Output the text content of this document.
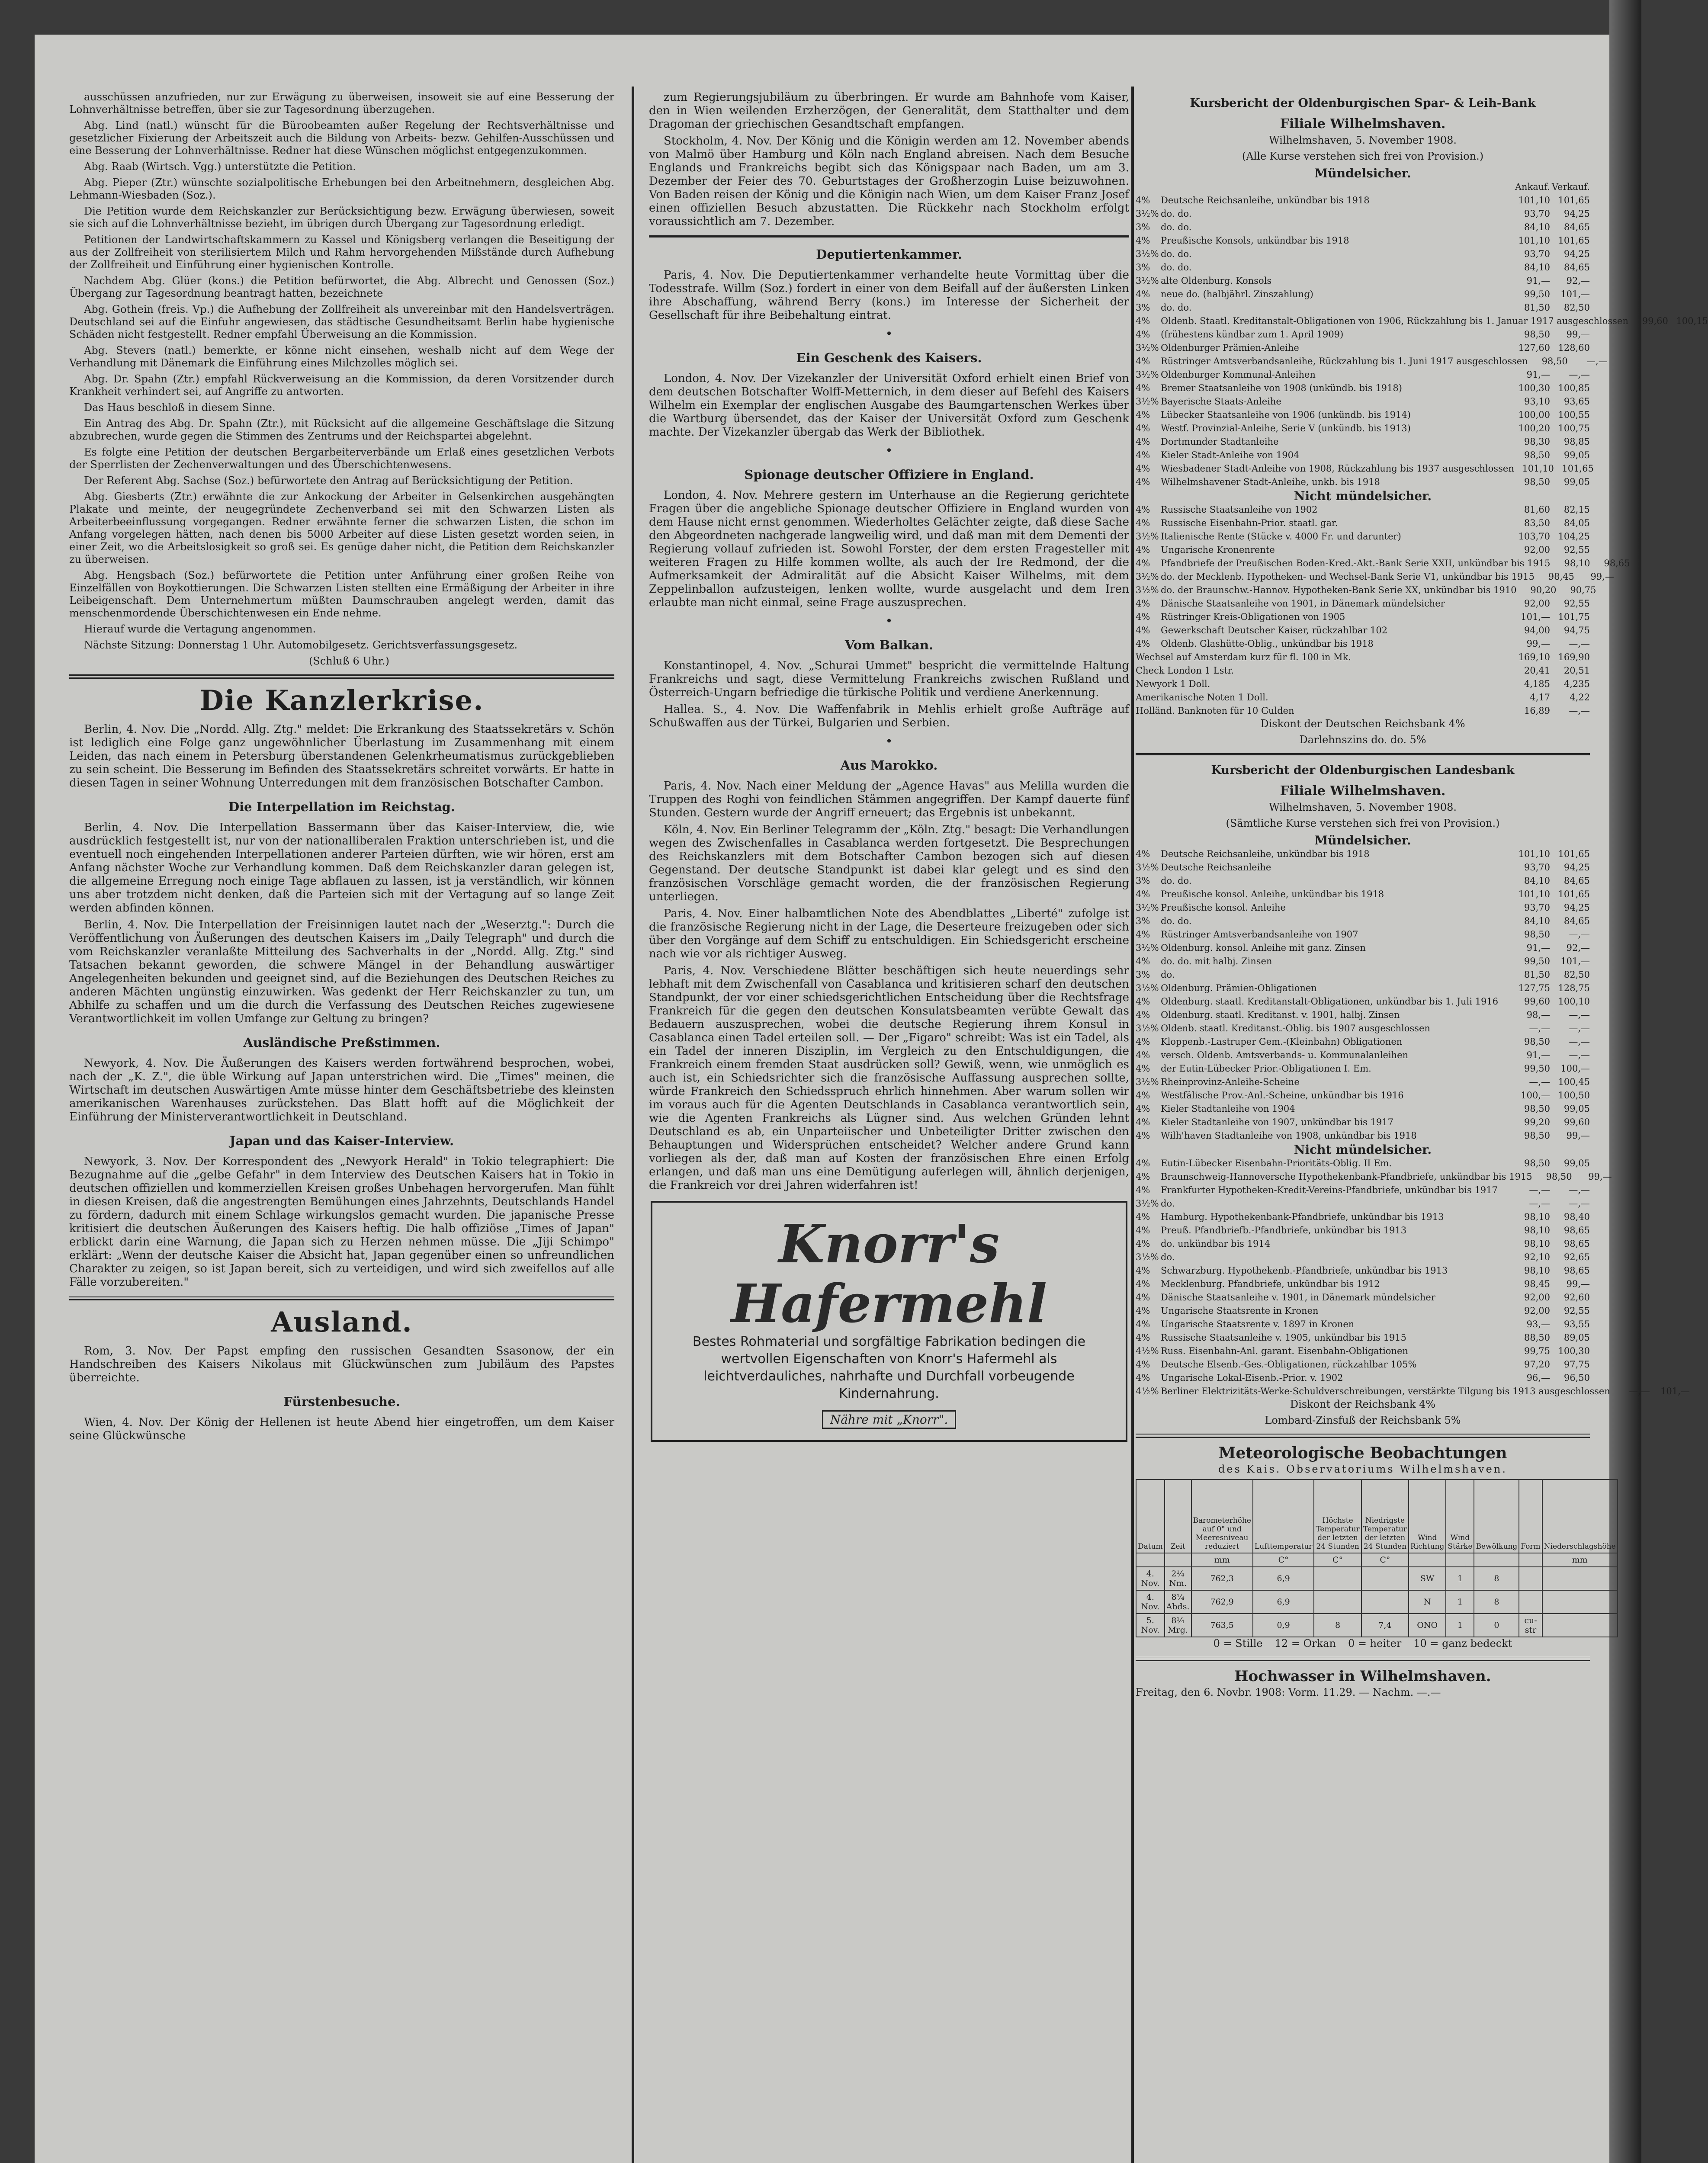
ausschüssen anzufrieden, nur zur Erwägung zu überweisen, insoweit sie auf eine Besserung der Lohnverhältnisse betreffen, über sie zur Tagesordnung überzugehen.

Abg. Lind (natl.) wünscht für die Büroobeamten außer Regelung der Rechtsverhältnisse und gesetzlicher Fixierung der Arbeitszeit auch die Bildung von Arbeits- bezw. Gehilfen-Ausschüssen und eine Besserung der Lohnverhältnisse. Redner hat diese Wünschen möglichst entgegenzukommen.

Abg. Raab (Wirtsch. Vgg.) unterstützte die Petition.

Abg. Pieper (Ztr.) wünschte sozialpolitische Erhebungen bei den Arbeitnehmern, desgleichen Abg. Lehmann-Wiesbaden (Soz.).

Die Petition wurde dem Reichskanzler zur Berücksichtigung bezw. Erwägung überwiesen, soweit sie sich auf die Lohnverhältnisse bezieht, im übrigen durch Übergang zur Tagesordnung erledigt.

Petitionen der Landwirtschaftskammern zu Kassel und Königsberg verlangen die Beseitigung der aus der Zollfreiheit von sterilisiertem Milch und Rahm hervorgehenden Mißstände durch Aufhebung der Zollfreiheit und Einführung einer hygienischen Kontrolle.

Nachdem Abg. Glüer (kons.) die Petition befürwortet, die Abg. Albrecht und Genossen (Soz.) Übergang zur Tagesordnung beantragt hatten, bezeichnete

Abg. Gothein (freis. Vp.) die Aufhebung der Zollfreiheit als unvereinbar mit den Handelsverträgen. Deutschland sei auf die Einfuhr angewiesen, das städtische Gesundheitsamt Berlin habe hygienische Schäden nicht festgestellt. Redner empfahl Überweisung an die Kommission.

Abg. Stevers (natl.) bemerkte, er könne nicht einsehen, weshalb nicht auf dem Wege der Verhandlung mit Dänemark die Einführung eines Milchzolles möglich sei.

Abg. Dr. Spahn (Ztr.) empfahl Rückverweisung an die Kommission, da deren Vorsitzender durch Krankheit verhindert sei, auf Angriffe zu antworten.

Das Haus beschloß in diesem Sinne.

Ein Antrag des Abg. Dr. Spahn (Ztr.), mit Rücksicht auf die allgemeine Geschäftslage die Sitzung abzubrechen, wurde gegen die Stimmen des Zentrums und der Reichspartei abgelehnt.

Es folgte eine Petition der deutschen Bergarbeiterverbände um Erlaß eines gesetzlichen Verbots der Sperrlisten der Zechenverwaltungen und des Überschichtenwesens.

Der Referent Abg. Sachse (Soz.) befürwortete den Antrag auf Berücksichtigung der Petition.

Abg. Giesberts (Ztr.) erwähnte die zur Ankockung der Arbeiter in Gelsenkirchen ausgehängten Plakate und meinte, der neugegründete Zechenverband sei mit den Schwarzen Listen als Arbeiterbeeinflussung vorgegangen. Redner erwähnte ferner die schwarzen Listen, die schon im Anfang vorgelegen hätten, nach denen bis 5000 Arbeiter auf diese Listen gesetzt worden seien, in einer Zeit, wo die Arbeitslosigkeit so groß sei. Es genüge daher nicht, die Petition dem Reichskanzler zu überweisen.

Abg. Hengsbach (Soz.) befürwortete die Petition unter Anführung einer großen Reihe von Einzelfällen von Boykottierungen. Die Schwarzen Listen stellten eine Ermäßigung der Arbeiter in ihre Leibeigenschaft. Dem Unternehmertum müßten Daumschrauben angelegt werden, damit das menschenmordende Überschichtenwesen ein Ende nehme.

Hierauf wurde die Vertagung angenommen.

Nächste Sitzung: Donnerstag 1 Uhr. Automobilgesetz. Gerichtsverfassungsgesetz.

(Schluß 6 Uhr.)

Die Kanzlerkrise.

Berlin, 4. Nov. Die „Nordd. Allg. Ztg." meldet: Die Erkrankung des Staatssekretärs v. Schön ist lediglich eine Folge ganz ungewöhnlicher Überlastung im Zusammenhang mit einem Leiden, das nach einem in Petersburg überstandenen Gelenkrheumatismus zurückgeblieben zu sein scheint. Die Besserung im Befinden des Staatssekretärs schreitet vorwärts. Er hatte in diesen Tagen in seiner Wohnung Unterredungen mit dem französischen Botschafter Cambon.

Die Interpellation im Reichstag.

Berlin, 4. Nov. Die Interpellation Bassermann über das Kaiser-Interview, die, wie ausdrücklich festgestellt ist, nur von der nationalliberalen Fraktion unterschrieben ist, und die eventuell noch eingehenden Interpellationen anderer Parteien dürften, wie wir hören, erst am Anfang nächster Woche zur Verhandlung kommen. Daß dem Reichskanzler daran gelegen ist, die allgemeine Erregung noch einige Tage abflauen zu lassen, ist ja verständlich, wir können uns aber trotzdem nicht denken, daß die Parteien sich mit der Vertagung auf so lange Zeit werden abfinden können.

Berlin, 4. Nov. Die Interpellation der Freisinnigen lautet nach der „Weserztg.": Durch die Veröffentlichung von Äußerungen des deutschen Kaisers im „Daily Telegraph" und durch die vom Reichskanzler veranlaßte Mitteilung des Sachverhalts in der „Nordd. Allg. Ztg." sind Tatsachen bekannt geworden, die schwere Mängel in der Behandlung auswärtiger Angelegenheiten bekunden und geeignet sind, auf die Beziehungen des Deutschen Reiches zu anderen Mächten ungünstig einzuwirken. Was gedenkt der Herr Reichskanzler zu tun, um Abhilfe zu schaffen und um die durch die Verfassung des Deutschen Reiches zugewiesene Verantwortlichkeit im vollen Umfange zur Geltung zu bringen?

Ausländische Preßstimmen.

Newyork, 4. Nov. Die Äußerungen des Kaisers werden fortwährend besprochen, wobei, nach der „K. Z.", die üble Wirkung auf Japan unterstrichen wird. Die „Times" meinen, die Wirtschaft im deutschen Auswärtigen Amte müsse hinter dem Geschäftsbetriebe des kleinsten amerikanischen Warenhauses zurückstehen. Das Blatt hofft auf die Möglichkeit der Einführung der Ministerverantwortlichkeit in Deutschland.

Japan und das Kaiser-Interview.

Newyork, 3. Nov. Der Korrespondent des „Newyork Herald" in Tokio telegraphiert: Die Bezugnahme auf die „gelbe Gefahr" in dem Interview des Deutschen Kaisers hat in Tokio in deutschen offiziellen und kommerziellen Kreisen großes Unbehagen hervorgerufen. Man fühlt in diesen Kreisen, daß die angestrengten Bemühungen eines Jahrzehnts, Deutschlands Handel zu fördern, dadurch mit einem Schlage wirkungslos gemacht wurden. Die japanische Presse kritisiert die deutschen Äußerungen des Kaisers heftig. Die halb offiziöse „Times of Japan" erblickt darin eine Warnung, die Japan sich zu Herzen nehmen müsse. Die „Jiji Schimpo" erklärt: „Wenn der deutsche Kaiser die Absicht hat, Japan gegenüber einen so unfreundlichen Charakter zu zeigen, so ist Japan bereit, sich zu verteidigen, und wird sich zweifellos auf alle Fälle vorzubereiten."

Ausland.

Rom, 3. Nov. Der Papst empfing den russischen Gesandten Ssasonow, der ein Handschreiben des Kaisers Nikolaus mit Glückwünschen zum Jubiläum des Papstes überreichte.

Fürstenbesuche.

Wien, 4. Nov. Der König der Hellenen ist heute Abend hier eingetroffen, um dem Kaiser seine Glückwünsche

zum Regierungsjubiläum zu überbringen. Er wurde am Bahnhofe vom Kaiser, den in Wien weilenden Erzherzögen, der Generalität, dem Statthalter und dem Dragoman der griechischen Gesandtschaft empfangen.

Stockholm, 4. Nov. Der König und die Königin werden am 12. November abends von Malmö über Hamburg und Köln nach England abreisen. Nach dem Besuche Englands und Frankreichs begibt sich das Königspaar nach Baden, um am 3. Dezember der Feier des 70. Geburtstages der Großherzogin Luise beizuwohnen. Von Baden reisen der König und die Königin nach Wien, um dem Kaiser Franz Josef einen offiziellen Besuch abzustatten. Die Rückkehr nach Stockholm erfolgt voraussichtlich am 7. Dezember.

Deputiertenkammer.

Paris, 4. Nov. Die Deputiertenkammer verhandelte heute Vormittag über die Todesstrafe. Willm (Soz.) fordert in einer von dem Beifall auf der äußersten Linken ihre Abschaffung, während Berry (kons.) im Interesse der Sicherheit der Gesellschaft für ihre Beibehaltung eintrat.

•
Ein Geschenk des Kaisers.

London, 4. Nov. Der Vizekanzler der Universität Oxford erhielt einen Brief von dem deutschen Botschafter Wolff-Metternich, in dem dieser auf Befehl des Kaisers Wilhelm ein Exemplar der englischen Ausgabe des Baumgartenschen Werkes über die Wartburg übersendet, das der Kaiser der Universität Oxford zum Geschenk machte. Der Vizekanzler übergab das Werk der Bibliothek.

•
Spionage deutscher Offiziere in England.

London, 4. Nov. Mehrere gestern im Unterhause an die Regierung gerichtete Fragen über die angebliche Spionage deutscher Offiziere in England wurden von dem Hause nicht ernst genommen. Wiederholtes Gelächter zeigte, daß diese Sache den Abgeordneten nachgerade langweilig wird, und daß man mit dem Dementi der Regierung vollauf zufrieden ist. Sowohl Forster, der dem ersten Fragesteller mit weiteren Fragen zu Hilfe kommen wollte, als auch der Ire Redmond, der die Aufmerksamkeit der Admiralität auf die Absicht Kaiser Wilhelms, mit dem Zeppelinballon aufzusteigen, lenken wollte, wurde ausgelacht und dem Iren erlaubte man nicht einmal, seine Frage auszusprechen.

•
Vom Balkan.

Konstantinopel, 4. Nov. „Schurai Ummet" bespricht die vermittelnde Haltung Frankreichs und sagt, diese Vermittelung Frankreichs zwischen Rußland und Österreich-Ungarn befriedige die türkische Politik und verdiene Anerkennung.

Hallea. S., 4. Nov. Die Waffenfabrik in Mehlis erhielt große Aufträge auf Schußwaffen aus der Türkei, Bulgarien und Serbien.

•
Aus Marokko.

Paris, 4. Nov. Nach einer Meldung der „Agence Havas" aus Melilla wurden die Truppen des Roghi von feindlichen Stämmen angegriffen. Der Kampf dauerte fünf Stunden. Gestern wurde der Angriff erneuert; das Ergebnis ist unbekannt.

Köln, 4. Nov. Ein Berliner Telegramm der „Köln. Ztg." besagt: Die Verhandlungen wegen des Zwischenfalles in Casablanca werden fortgesetzt. Die Besprechungen des Reichskanzlers mit dem Botschafter Cambon bezogen sich auf diesen Gegenstand. Der deutsche Standpunkt ist dabei klar gelegt und es sind den französischen Vorschläge gemacht worden, die der französischen Regierung unterliegen.

Paris, 4. Nov. Einer halbamtlichen Note des Abendblattes „Liberté" zufolge ist die französische Regierung nicht in der Lage, die Deserteure freizugeben oder sich über den Vorgänge auf dem Schiff zu entschuldigen. Ein Schiedsgericht erscheine nach wie vor als richtiger Ausweg.

Paris, 4. Nov. Verschiedene Blätter beschäftigen sich heute neuerdings sehr lebhaft mit dem Zwischenfall von Casablanca und kritisieren scharf den deutschen Standpunkt, der vor einer schiedsgerichtlichen Entscheidung über die Rechtsfrage Frankreich für die gegen den deutschen Konsulatsbeamten verübte Gewalt das Bedauern auszusprechen, wobei die deutsche Regierung ihrem Konsul in Casablanca einen Tadel erteilen soll. — Der „Figaro" schreibt: Was ist ein Tadel, als ein Tadel der inneren Disziplin, im Vergleich zu den Entschuldigungen, die Frankreich einem fremden Staat ausdrücken soll? Gewiß, wenn, wie unmöglich es auch ist, ein Schiedsrichter sich die französische Auffassung ausprechen sollte, würde Frankreich den Schiedsspruch ehrlich hinnehmen. Aber warum sollen wir im voraus auch für die Agenten Deutschlands in Casablanca verantwortlich sein, wie die Agenten Frankreichs als Lügner sind. Aus welchen Gründen lehnt Deutschland es ab, ein Unparteiischer und Unbeteiligter Dritter zwischen den Behauptungen und Widersprüchen entscheidet? Welcher andere Grund kann vorliegen als der, daß man auf Kosten der französischen Ehre einen Erfolg erlangen, und daß man uns eine Demütigung auferlegen will, ähnlich derjenigen, die Frankreich vor drei Jahren widerfahren ist!

Knorr's
Hafermehl

Bestes Rohmaterial und sorgfältige Fabrikation bedingen die wertvollen Eigenschaften von Knorr's Hafermehl als leichtverdauliches, nahrhafte und Durchfall vorbeugende Kindernahrung.

Nähre mit „Knorr".
Kursbericht der Oldenburgischen Spar- & Leih-Bank
Filiale Wilhelmshaven.

Wilhelmshaven, 5. November 1908.

(Alle Kurse verstehen sich frei von Provision.)

Mündelsicher.
Ankauf. Verkauf.
4%	Deutsche Reichsanleihe, unkündbar bis 1918	101,10 101,65
3½% do. do.	93,70	94,25
3%	do. do.	84,10	84,65
4%	Preußische Konsols, unkündbar bis 1918	101,10 101,65
3½% do. do.	93,70	94,25
3%	do. do.	84,10	84,65
3½% alte Oldenburg. Konsols	91,—	92,—
4%	neue do. (halbjährl. Zinszahlung)	99,50	101,—
3%	do. do.	81,50	82,50
4%	Oldenb. Staatl. Kreditanstalt-Obligationen von 1906, Rückzahlung bis 1. Januar 1917 ausgeschlossen	99,60 100,15
4%	(frühestens kündbar zum 1. April 1909)	98,50	99,—
3½% Oldenburger Prämien-Anleihe	127,60 128,60
4%	Rüstringer Amtsverbandsanleihe, Rückzahlung bis 1. Juni 1917 ausgeschlossen	98,50	—,—
3½% Oldenburger Kommunal-Anleihen	91,—	—,—
4%	Bremer Staatsanleihe von 1908 (unkündb. bis 1918)	100,30 100,85
3½% Bayerische Staats-Anleihe	93,10	93,65
4%	Lübecker Staatsanleihe von 1906 (unkündb. bis 1914)	100,00 100,55
4%	Westf. Provinzial-Anleihe, Serie V (unkündb. bis 1913)	100,20 100,75
4%	Dortmunder Stadtanleihe	98,30	98,85
4%	Kieler Stadt-Anleihe von 1904	98,50	99,05
4%	Wiesbadener Stadt-Anleihe von 1908, Rückzahlung bis 1937 ausgeschlossen 101,10 101,65
4%	Wilhelmshavener Stadt-Anleihe, unkb. bis 1918	98,50	99,05
Nicht mündelsicher.
4%	Russische Staatsanleihe von 1902	81,60	82,15
4%	Russische Eisenbahn-Prior. staatl. gar.	83,50	84,05
3½% Italienische Rente (Stücke v. 4000 Fr. und darunter)	103,70 104,25
4%	Ungarische Kronenrente	92,00	92,55
4%	Pfandbriefe der Preußischen Boden-Kred.-Akt.-Bank Serie XXII, unkündbar bis 1915	98,10	98,65
3½% do. der Mecklenb. Hypotheken- und Wechsel-Bank Serie V1, unkündbar bis 1915	98,45	99,—
3½% do. der Braunschw.-Hannov. Hypotheken-Bank Serie XX, unkündbar bis 1910	90,20	90,75
4%	Dänische Staatsanleihe von 1901, in Dänemark mündelsicher	92,00	92,55
4%	Rüstringer Kreis-Obligationen von 1905	101,— 101,75
4%	Gewerkschaft Deutscher Kaiser, rückzahlbar 102	94,00	94,75
4%	Oldenb. Glashütte-Oblig., unkündbar bis 1918	99,—	—,—
Wechsel auf Amsterdam kurz für fl. 100 in Mk.	169,10 169,90
Check London 1 Lstr.	20,41	20,51
Newyork 1 Doll.	4,185	4,235
Amerikanische Noten 1 Doll.	4,17	4,22
Holländ. Banknoten für 10 Gulden	16,89	—,—

Diskont der Deutschen Reichsbank 4%

Darlehnszins do. do. 5%

Kursbericht der Oldenburgischen Landesbank
Filiale Wilhelmshaven.

Wilhelmshaven, 5. November 1908.

(Sämtliche Kurse verstehen sich frei von Provision.)

Mündelsicher.
4%	Deutsche Reichsanleihe, unkündbar bis 1918	101,10 101,65
3½% Deutsche Reichsanleihe	93,70	94,25
3%	do. do.	84,10	84,65
4%	Preußische konsol. Anleihe, unkündbar bis 1918	101,10 101,65
3½% Preußische konsol. Anleihe	93,70	94,25
3%	do. do.	84,10	84,65
4%	Rüstringer Amtsverbandsanleihe von 1907	98,50	—,—
3½% Oldenburg. konsol. Anleihe mit ganz. Zinsen	91,—	92,—
4%	do. do. mit halbj. Zinsen	99,50	101,—
3%	do.	81,50	82,50
3½% Oldenburg. Prämien-Obligationen	127,75 128,75
4%	Oldenburg. staatl. Kreditanstalt-Obligationen, unkündbar bis 1. Juli 1916	99,60 100,10
4%	Oldenburg. staatl. Kreditanst. v. 1901, halbj. Zinsen	98,—	—,—
3½% Oldenb. staatl. Kreditanst.-Oblig. bis 1907 ausgeschlossen	—,—	—,—
4%	Kloppenb.-Lastruper Gem.-(Kleinbahn) Obligationen	98,50	—,—
4%	versch. Oldenb. Amtsverbands- u. Kommunalanleihen	91,—	—,—
4%	der Eutin-Lübecker Prior.-Obligationen I. Em.	99,50	100,—
3½% Rheinprovinz-Anleihe-Scheine	—,— 100,45
4%	Westfälische Prov.-Anl.-Scheine, unkündbar bis 1916	100,— 100,50
4%	Kieler Stadtanleihe von 1904	98,50	99,05
4%	Kieler Stadtanleihe von 1907, unkündbar bis 1917	99,20	99,60
4%	Wilh'haven Stadtanleihe von 1908, unkündbar bis 1918	98,50	99,—
Nicht mündelsicher.
4%	Eutin-Lübecker Eisenbahn-Prioritäts-Oblig. II Em.	98,50	99,05
4%	Braunschweig-Hannoversche Hypothekenbank-Pfandbriefe, unkündbar bis 1915	98,50	99,—
4%	Frankfurter Hypotheken-Kredit-Vereins-Pfandbriefe, unkündbar bis 1917	—,—	—,—
3½% do.	—,—	—,—
4%	Hamburg. Hypothekenbank-Pfandbriefe, unkündbar bis 1913	98,10	98,40
4%	Preuß. Pfandbriefb.-Pfandbriefe, unkündbar bis 1913	98,10	98,65
4%	do. unkündbar bis 1914	98,10	98,65
3½% do.	92,10	92,65
4%	Schwarzburg. Hypothekenb.-Pfandbriefe, unkündbar bis 1913	98,10	98,65
4%	Mecklenburg. Pfandbriefe, unkündbar bis 1912	98,45	99,—
4%	Dänische Staatsanleihe v. 1901, in Dänemark mündelsicher	92,00	92,60
4%	Ungarische Staatsrente in Kronen	92,00	92,55
4%	Ungarische Staatsrente v. 1897 in Kronen	93,—	93,55
4%	Russische Staatsanleihe v. 1905, unkündbar bis 1915	88,50	89,05
4½% Russ. Eisenbahn-Anl. garant. Eisenbahn-Obligationen	99,75 100,30
4%	Deutsche Elsenb.-Ges.-Obligationen, rückzahlbar 105%	97,20	97,75
4%	Ungarische Lokal-Eisenb.-Prior. v. 1902	96,—	96,50
4½% Berliner Elektrizitäts-Werke-Schuldverschreibungen, verstärkte Tilgung bis 1913 ausgeschlossen	—,—	101,—

Diskont der Reichsbank 4%

Lombard-Zinsfuß der Reichsbank 5%

Meteorologische Beobachtungen

des Kais. Observatoriums Wilhelmshaven.

Datum	Zeit	Barometerhöhe auf 0° und Meeresniveau reduziert	Lufttemperatur	Höchste Temperatur der letzten 24 Stunden	Niedrigste Temperatur der letzten 24 Stunden	Wind Richtung	Wind Stärke	Bewölkung	Form	Niederschlagshöhe
		mm	C°	C°	C°					mm
4. Nov.	2¼ Nm.	762,3	6,9			SW	1	8		
4. Nov.	8¼ Abds.	762,9	6,9			N	1	8		
5. Nov.	8¼ Mrg.	763,5	0,9	8	7,4	ONO	1	0	cu-str	

0 = Stille 12 = Orkan 0 = heiter 10 = ganz bedeckt

Hochwasser in Wilhelmshaven.

Freitag, den 6. Novbr. 1908: Vorm. 11.29. — Nachm. —.—
